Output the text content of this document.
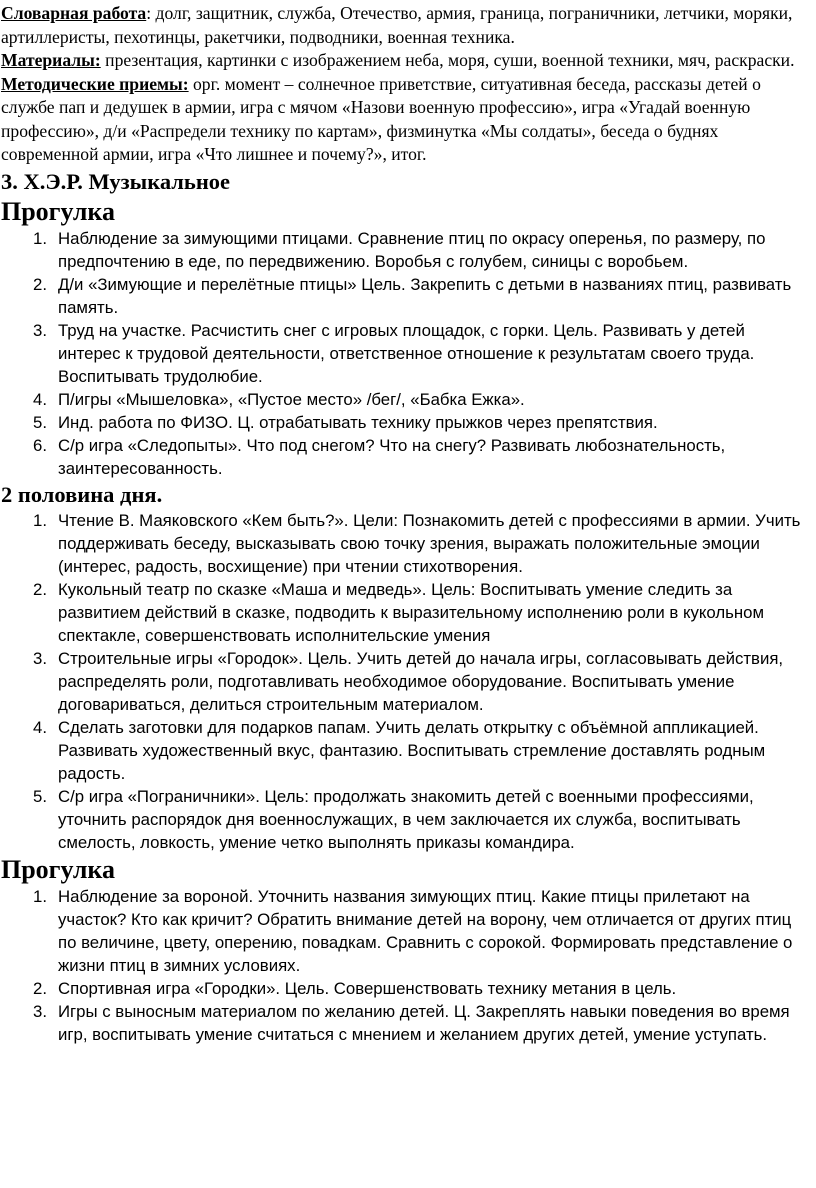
Словарная работа: долг, защитник, служба, Отечество, армия, граница, пограничники, летчики, моряки, артиллеристы, пехотинцы, ракетчики, подводники, военная техника.

Материалы: презентация, картинки с изображением неба, моря, суши, военной техники, мяч, раскраски.

Методические приемы: орг. момент – солнечное приветствие, ситуативная беседа, рассказы детей о службе пап и дедушек в армии, игра с мячом «Назови военную профессию», игра «Угадай военную профессию», д/и «Распредели технику по картам», физминутка «Мы солдаты», беседа о буднях современной армии, игра «Что лишнее и почему?», итог.

3. Х.Э.Р. Музыкальное
Прогулка
1. Наблюдение за зимующими птицами. Сравнение птиц по окрасу оперенья, по размеру, по предпочтению в еде, по передвижению. Воробья с голубем, синицы с воробьем.
2. Д/и «Зимующие и перелётные птицы» Цель. Закрепить с детьми в названиях птиц, развивать память.
3. Труд на участке. Расчистить снег с игровых площадок, с горки. Цель. Развивать у детей интерес к трудовой деятельности, ответственное отношение к результатам своего труда. Воспитывать трудолюбие.
4. П/игры «Мышеловка», «Пустое место» /бег/, «Бабка Ежка».
5. Инд. работа по ФИЗО. Ц. отрабатывать технику прыжков через препятствия.
6. С/р игра «Следопыты». Что под снегом? Что на снегу? Развивать любознательность, заинтересованность.
2 половина дня.
1. Чтение В. Маяковского «Кем быть?». Цели: Познакомить детей с профессиями в армии. Учить поддерживать беседу, высказывать свою точку зрения, выражать положительные эмоции (интерес, радость, восхищение) при чтении стихотворения.
2. Кукольный театр по сказке «Маша и медведь». Цель: Воспитывать умение следить за развитием действий в сказке, подводить к выразительному исполнению роли в кукольном спектакле, совершенствовать исполнительские умения
3. Строительные игры «Городок». Цель. Учить детей до начала игры, согласовывать действия, распределять роли, подготавливать необходимое оборудование. Воспитывать умение договариваться, делиться строительным материалом.
4. Сделать заготовки для подарков папам. Учить делать открытку с объёмной аппликацией. Развивать художественный вкус, фантазию. Воспитывать стремление доставлять родным радость.
5. С/р игра «Пограничники». Цель: продолжать знакомить детей с военными профессиями, уточнить распорядок дня военнослужащих, в чем заключается их служба, воспитывать смелость, ловкость, умение четко выполнять приказы командира.
Прогулка
1. Наблюдение за вороной. Уточнить названия зимующих птиц. Какие птицы прилетают на участок? Кто как кричит? Обратить внимание детей на ворону, чем отличается от других птиц по величине, цвету, оперению, повадкам. Сравнить с сорокой. Формировать представление о жизни птиц в зимних условиях.
2. Спортивная игра «Городки». Цель. Совершенствовать технику метания в цель.
3. Игры с выносным материалом по желанию детей. Ц. Закреплять навыки поведения во время игр, воспитывать умение считаться с мнением и желанием других детей, умение уступать.
